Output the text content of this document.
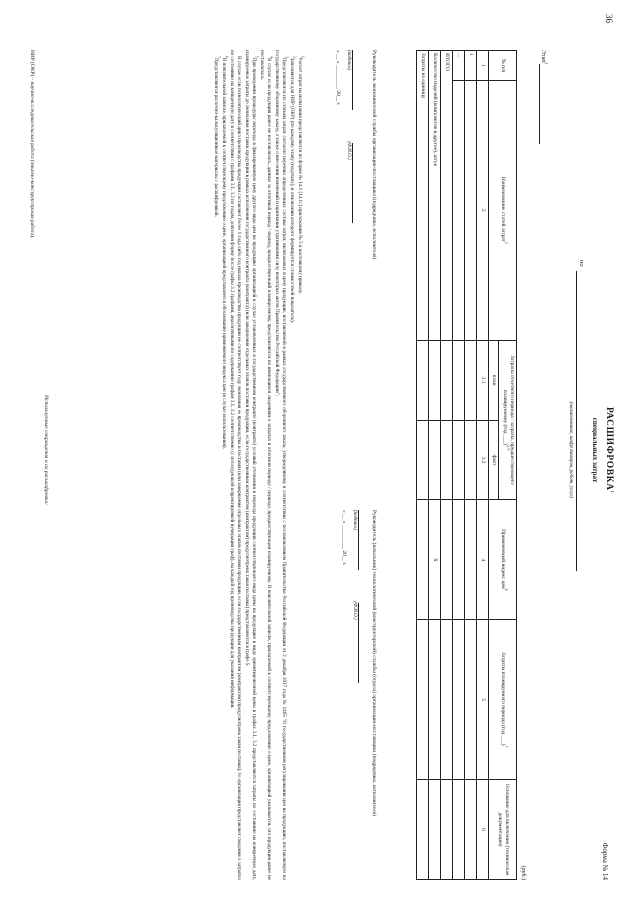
36
Форма № 14
РАСШИФРОВКА$^1$
специальных затрат
по
(наименование, шифр товаров, работ, услуг)
Этап$^2$
(руб.)
№ п/п	Наименование статей затрат$^3$	Затраты отчетного периода / затраты, предшествующего планируемому (год ___)$^{4, 5}$		Применяемый индекс цен$^6$	Затраты планируемого периода (год ___)$^7$	Основание для включения (техническая документация)
		план	факт			
1	2	3.1	3.2	4	5	6
1						
...						
ИТОГО						
Количество изделий (комплектов и другое), штук				X		
Затраты на единицу						
Руководитель экономической службы организации-поставщика (подрядчика, исполнителя)

(подпись) (Ф.И.О.)
« __ » _________ 20__ г.
Руководитель (начальник) технологической (конструкторской) службы (отдела) организации-поставщика (подрядчика, исполнителя)

(подпись) (Ф.И.О.)
« __ » _________ 20__ г.

$^1$Расчет затрат на испытания представляется по форме № 14.1 (14.1с) приложения № 5 к настоящему приказу.

$^2$Заполняется для НИР (ОКР) (по каждому этапу (подэтапу), в отношении которого формируется стоимостной показатель).

$^3$Представляются по статьям затрат согласно перечню определенных состава затрат, включаемых в цену продукции, поставляемой в рамках государственного оборонного заказа, утвержденному в соответствии с постановлением Правительства Российской Федерации от 2 декабря 2017 года № 1465 "О государственном регулировании цен на продукцию, поставляемую по государственному оборонному заказу, а также о внесении изменений и признании утратившими силу некоторых актов Правительства Российской Федерации".

$^4$В случае если продукция ранее не поставлялась, данные за отчетный период / период, предшествующий планируемому, представляются по имеющимся сведениям о затратах в отчетном периоде / периоде, предшествующем планируемому. В пояснительной записке, прилагаемой к соответствующему предложению о цене, организацией указывается, что продукция ранее не поставлялась.

$^5$При проведении процедуры перехода в фиксированную цену другого вида цен на продукцию организацией в случае установленных в государственном контракте (контракте) условий уточнения и перехода продукции соответствующего вида цены на продукцию в виде ориентировочной цены в графах 3.1, 3.2 представляются затраты по состоянию на конкретную дату, планируемые затраты до окончания поставки продукции в рамках исполнения государственного контракта (контракта) (или завершения отдельных этапов поставки продукции, если государственным контрактом (контрактом) предусмотрена такая поставка) представляются в графе 5.

В случае если технологический цикл производства продукции составляет более 1 года либо год начала производства продукции не соответствует году окончания ее производства и поставки (или завершения отдельных этапов поставки продукции, если государственным контрактом (контрактом) предусмотрена такая поставка), то организация представляет сведения о затратах по состоянию на конкретную дату в соответствии с графами 3.1, 3.2 по годам, дополняя форму после графы 3.2 графами, аналогичными по содержанию графам 3.1, 3.2 соответственно (с последующей корректировкой нумерации граф), на каждый год производства продукции для указания информации.

$^6$В пояснительной записке, прилагаемой к соответствующему предложению о цене, организацией представляется обоснование применяемого индекса цен (в случае использования).

$^7$Представляются расчетно-калькуляционные материалы с расшифровкой.

Используемые сокращения и их расшифровка:
НИР (ОКР) – научно-исследовательская работа (опытно-конструкторская работа).
